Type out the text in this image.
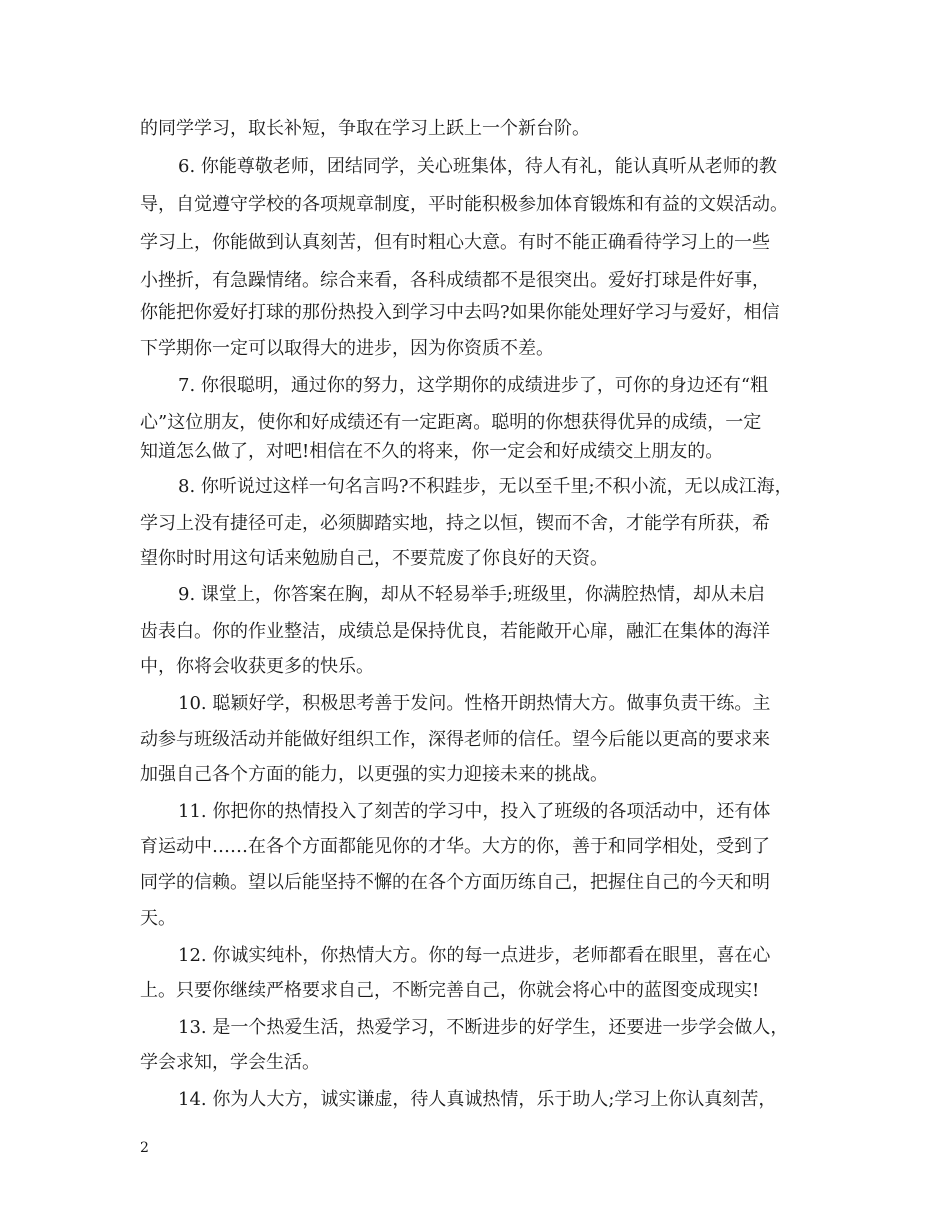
的同学学习，取长补短，争取在学习上跃上一个新台阶。
6. 你能尊敬老师，团结同学，关心班集体，待人有礼，能认真听从老师的教
导，自觉遵守学校的各项规章制度，平时能积极参加体育锻炼和有益的文娱活动。
学习上，你能做到认真刻苦，但有时粗心大意。有时不能正确看待学习上的一些
小挫折，有急躁情绪。综合来看，各科成绩都不是很突出。爱好打球是件好事，
你能把你爱好打球的那份热投入到学习中去吗?如果你能处理好学习与爱好，相信
下学期你一定可以取得大的进步，因为你资质不差。
7. 你很聪明，通过你的努力，这学期你的成绩进步了，可你的身边还有“粗
心”这位朋友，使你和好成绩还有一定距离。聪明的你想获得优异的成绩，一定
知道怎么做了，对吧!相信在不久的将来，你一定会和好成绩交上朋友的。
8. 你听说过这样一句名言吗?不积跬步，无以至千里;不积小流，无以成江海，
学习上没有捷径可走，必须脚踏实地，持之以恒，锲而不舍，才能学有所获，希
望你时时用这句话来勉励自己，不要荒废了你良好的天资。
9. 课堂上，你答案在胸，却从不轻易举手;班级里，你满腔热情，却从未启
齿表白。你的作业整洁，成绩总是保持优良，若能敞开心扉，融汇在集体的海洋
中，你将会收获更多的快乐。
10. 聪颖好学，积极思考善于发问。性格开朗热情大方。做事负责干练。主
动参与班级活动并能做好组织工作，深得老师的信任。望今后能以更高的要求来
加强自己各个方面的能力，以更强的实力迎接未来的挑战。
11. 你把你的热情投入了刻苦的学习中，投入了班级的各项活动中，还有体
育运动中……在各个方面都能见你的才华。大方的你，善于和同学相处，受到了
同学的信赖。望以后能坚持不懈的在各个方面历练自己，把握住自己的今天和明
天。
12. 你诚实纯朴，你热情大方。你的每一点进步，老师都看在眼里，喜在心
上。只要你继续严格要求自己，不断完善自己，你就会将心中的蓝图变成现实!
13. 是一个热爱生活，热爱学习，不断进步的好学生，还要进一步学会做人，
学会求知，学会生活。
14. 你为人大方，诚实谦虚，待人真诚热情，乐于助人;学习上你认真刻苦，
2
